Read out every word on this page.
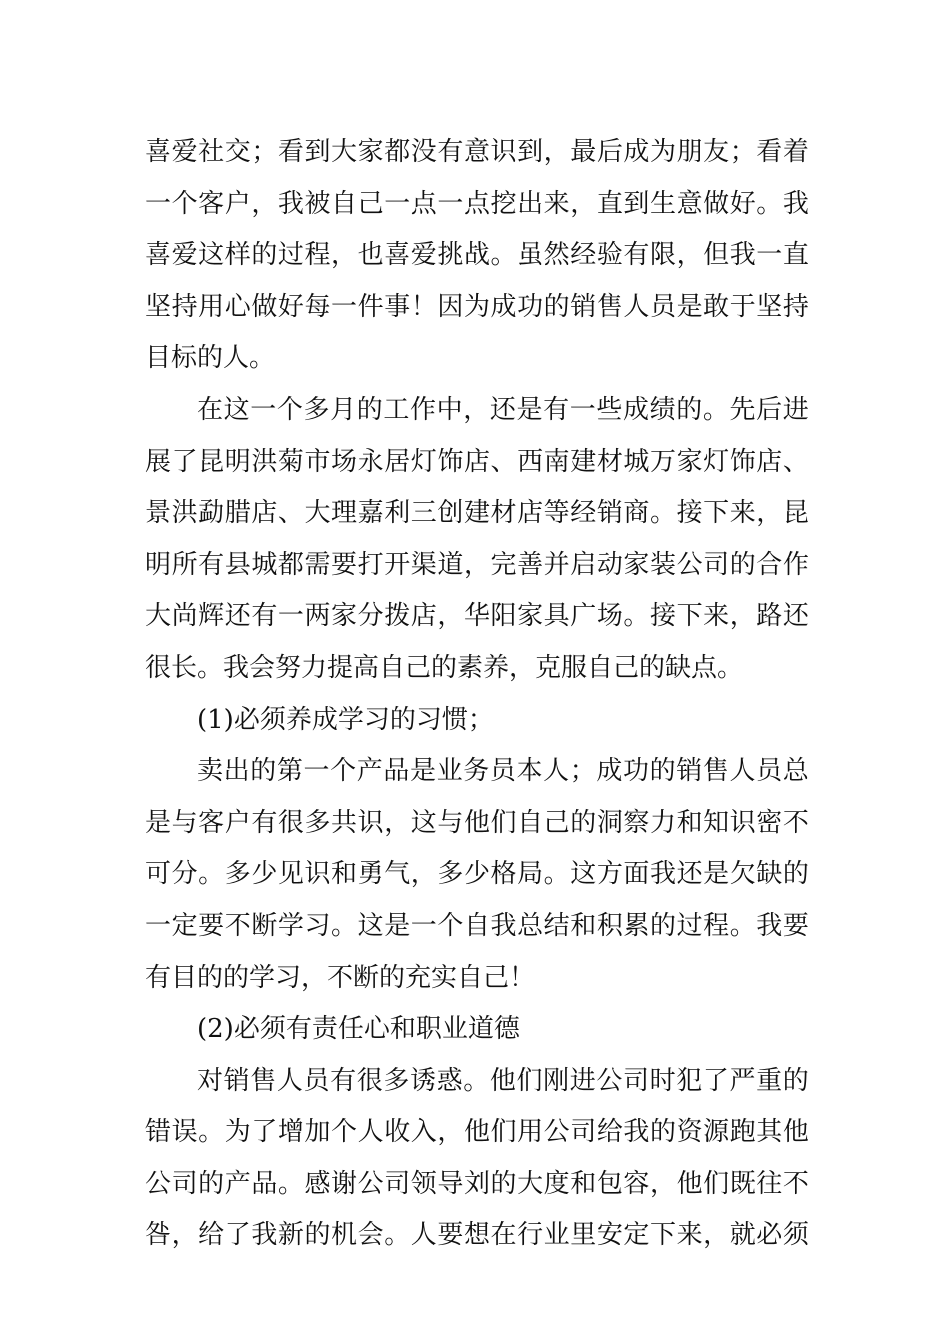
喜 爱 社 交 ； 看 到 大 家 都 没 有 意 识 到 ， 最 后 成 为 朋 友 ； 看 着
一 个 客 户 ， 我 被 自 己 一 点 一 点 挖 出 来 ， 直 到 生 意 做 好 。 我
喜 爱 这 样 的 过 程 ， 也 喜 爱 挑 战 。 虽 然 经 验 有 限 ， 但 我 一 直
坚 持 用 心 做 好 每 一 件 事 ！ 因 为 成 功 的 销 售 人 员 是 敢 于 坚 持
目标的人。
在 这 一 个 多 月 的 工 作 中 ， 还 是 有 一 些 成 绩 的 。 先 后 进
展 了 昆 明 洪 菊 市 场 永 居 灯 饰 店 、 西 南 建 材 城 万 家 灯 饰 店 、
景 洪 勐 腊 店 、 大 理 嘉 利 三 创 建 材 店 等 经 销 商 。 接 下 来 ， 昆
明 所 有 县 城 都 需 要 打 开 渠 道 ， 完 善 并 启 动 家 装 公 司 的 合 作
大 尚 辉 还 有 一 两 家 分 拨 店 ， 华 阳 家 具 广 场 。 接 下 来 ， 路 还
很长。我会努力提高自己的素养，克服自己的缺点。
(1)必须养成学习的习惯；
卖 出 的 第 一 个 产 品 是 业 务 员 本 人 ； 成 功 的 销 售 人 员 总
是 与 客 户 有 很 多 共 识 ， 这 与 他 们 自 己 的 洞 察 力 和 知 识 密 不
可 分 。 多 少 见 识 和 勇 气 ， 多 少 格 局 。 这 方 面 我 还 是 欠 缺 的
一 定 要 不 断 学 习 。 这 是 一 个 自 我 总 结 和 积 累 的 过 程 。 我 要
有目的的学习，不断的充实自己！
(2)必须有责任心和职业道德
对 销 售 人 员 有 很 多 诱 惑 。 他 们 刚 进 公 司 时 犯 了 严 重 的
错 误 。 为 了 增 加 个 人 收 入 ， 他 们 用 公 司 给 我 的 资 源 跑 其 他
公 司 的 产 品 。 感 谢 公 司 领 导 刘 的 大 度 和 包 容 ， 他 们 既 往 不
咎 ， 给 了 我 新 的 机 会 。 人 要 想 在 行 业 里 安 定 下 来 ， 就 必 须
